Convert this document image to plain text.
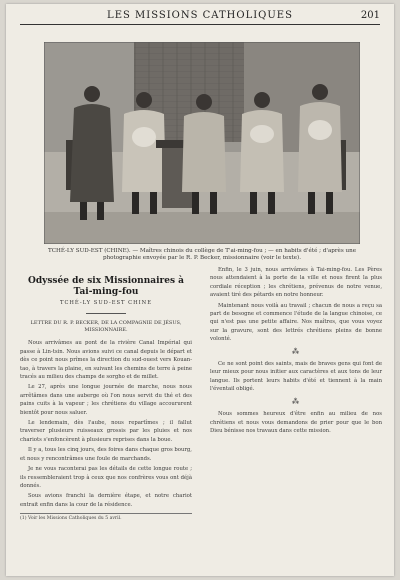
LES MISSIONS CATHOLIQUES	201
TCHÉ-LY SUD-EST (CHINE). — Maîtres chinois du collège de T'ai-ming-fou ; — en habits d'été ; d'après une photographie envoyée par le R. P. Becker, missionnaire (voir le texte).
Odyssée de six Missionnaires à Tai-ming-fou
TCHÉ-LY SUD-EST CHINE
LETTRE DU R. P. BECKER, DE LA COMPAGNIE DE JÉSUS, MISSIONNAIRE.

Nous arrivâmes au pont de la rivière Canal Impérial qui passe à Lin-tsin. Nous avions suivi ce canal depuis le départ et dès ce point nous prîmes la direction du sud-ouest vers Kouan-tao, à travers la plaine, en suivant les chemins de terre à peine tracés au milieu des champs de sorgho et de millet.

Le 27, après une longue journée de marche, nous nous arrêtâmes dans une auberge où l'on nous servit du thé et des pains cuits à la vapeur ; les chrétiens du village accoururent bientôt pour nous saluer.

Le lendemain, dès l'aube, nous repartîmes ; il fallut traverser plusieurs ruisseaux grossis par les pluies et nos chariots s'enfoncèrent à plusieurs reprises dans la boue.

Il y a, tous les cinq jours, des foires dans chaque gros bourg, et nous y rencontrâmes une foule de marchands.

Je ne vous raconterai pas les détails de cette longue route ; ils ressembleraient trop à ceux que nos confrères vous ont déjà donnés.

Sous avions franchi la dernière étape, et notre chariot entrait enfin dans la cour de la résidence.

(1) Voir les Missions Catholiques du 5 avril.

Enfin, le 3 juin, nous arrivâmes à Tai-ming-fou. Les Pères nous attendaient à la porte de la ville et nous firent la plus cordiale réception ; les chrétiens, prévenus de notre venue, avaient tiré des pétards en notre honneur.

Maintenant nous voilà au travail ; chacun de nous a reçu sa part de besogne et commence l'étude de la langue chinoise, ce qui n'est pas une petite affaire. Nos maîtres, que vous voyez sur la gravure, sont des lettrés chrétiens pleins de bonne volonté.

⁂

Ce ne sont point des saints, mais de braves gens qui font de leur mieux pour nous initier aux caractères et aux tons de leur langue. Ils portent leurs habits d'été et tiennent à la main l'éventail obligé.

⁂

Nous sommes heureux d'être enfin au milieu de nos chrétiens et nous vous demandons de prier pour que le bon Dieu bénisse nos travaux dans cette mission.
